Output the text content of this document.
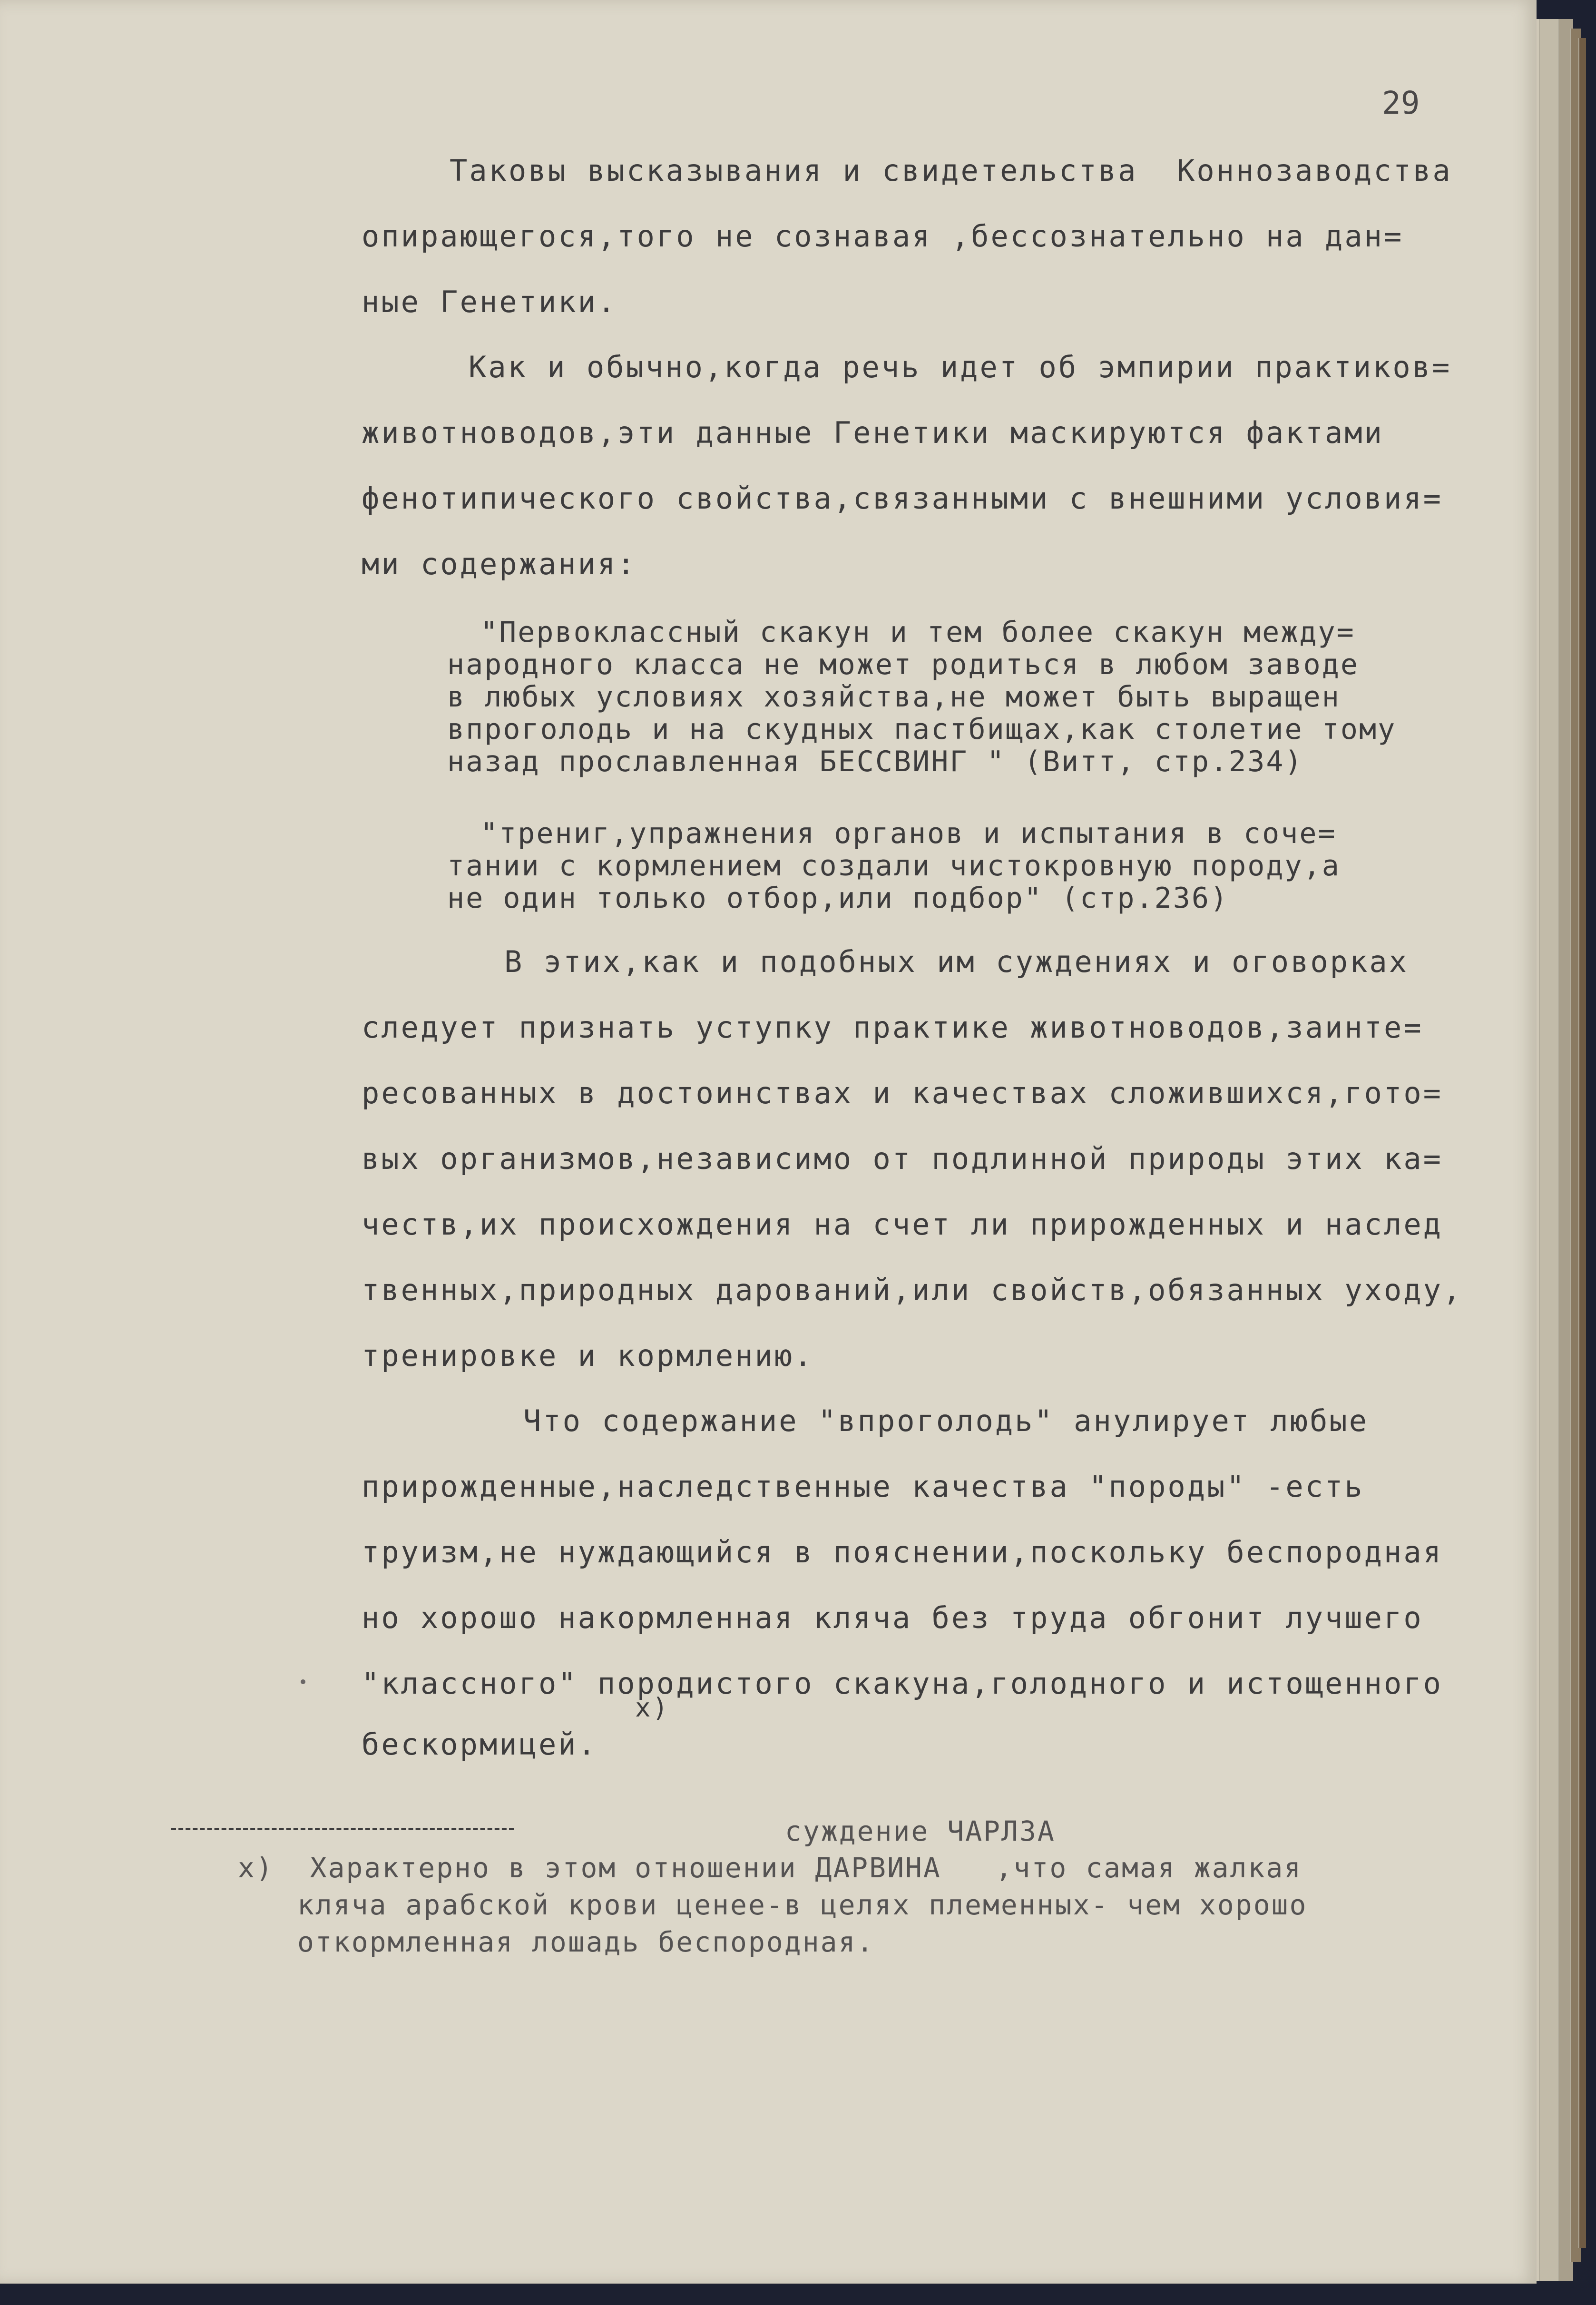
29
Таковы высказывания и свидетельства  Коннозаводства
опирающегося,того не сознавая ,бессознательно на дан=
ные Генетики.
Как и обычно,когда речь идет об эмпирии практиков=
животноводов,эти данные Генетики маскируются фактами
фенотипического свойства,связанными с внешними условия=
ми содержания:
"Первоклассный скакун и тем более скакун между=
народного класса не может родиться в любом заводе
в любых условиях хозяйства,не может быть выращен
впроголодь и на скудных пастбищах,как столетие тому
назад прославленная БЕССВИНГ " (Витт, стр.234)
"трениг,упражнения органов и испытания в соче=
тании с кормлением создали чистокровную породу,а
не один только отбор,или подбор" (стр.236)
В этих,как и подобных им суждениях и оговорках
следует признать уступку практике животноводов,заинте=
ресованных в достоинствах и качествах сложившихся,гото=
вых организмов,независимо от подлинной природы этих ка=
честв,их происхождения на счет ли прирожденных и наслед
твенных,природных дарований,или свойств,обязанных уходу,
тренировке и кормлению.
Что содержание "впроголодь" анулирует любые
прирожденные,наследственные качества "породы" -есть
труизм,не нуждающийся в пояснении,поскольку беспородная
но хорошо накормленная кляча без труда обгонит лучшего
"классного" породистого скакуна,голодного и истощенного
х)
бескормицей.
суждение ЧАРЛЗА
х)  Характерно в этом отношении ДАРВИНА   ,что самая жалкая
кляча арабской крови ценее-в целях племенных- чем хорошо
откормленная лошадь беспородная.
